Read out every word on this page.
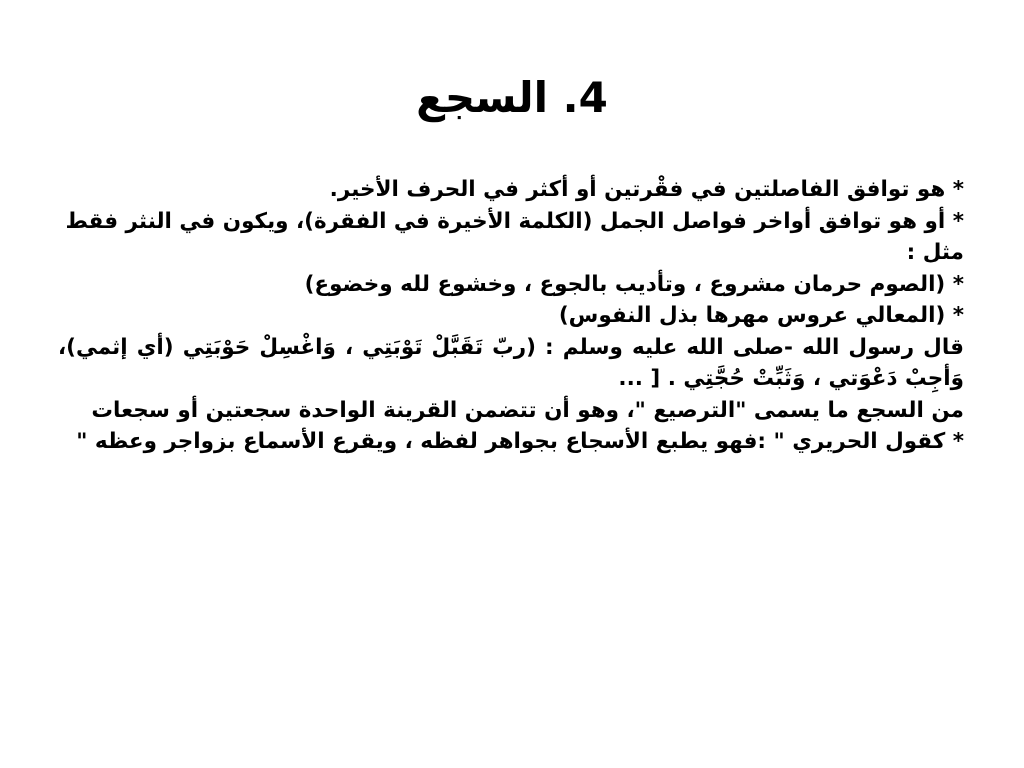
4. السجع

* هو توافق الفاصلتين في فقْرتين أو أكثر في الحرف الأخير.

* أو هو توافق أواخر فواصل الجمل (الكلمة الأخيرة في الفقرة)، ويكون في النثر فقط

مثل :

* (الصوم حرمان مشروع ، وتأديب بالجوع ، وخشوع لله وخضوع)

* (المعالي عروس مهرها بذل النفوس)

قال رسول الله -صلى الله عليه وسلم : (ربّ تَقَبَّلْ تَوْبَتِي ، وَاغْسِلْ حَوْبَتِي (أي إثمي)، وَأجِبْ دَعْوَتي ، وَثَبِّتْ حُجَّتِي . [ ...

من السجع ما يسمى "الترصيع "، وهو أن تتضمن القرينة الواحدة سجعتين أو سجعات

* كقول الحريري " :فهو يطبع الأسجاع بجواهر لفظه ، ويقرع الأسماع بزواجر وعظه "
